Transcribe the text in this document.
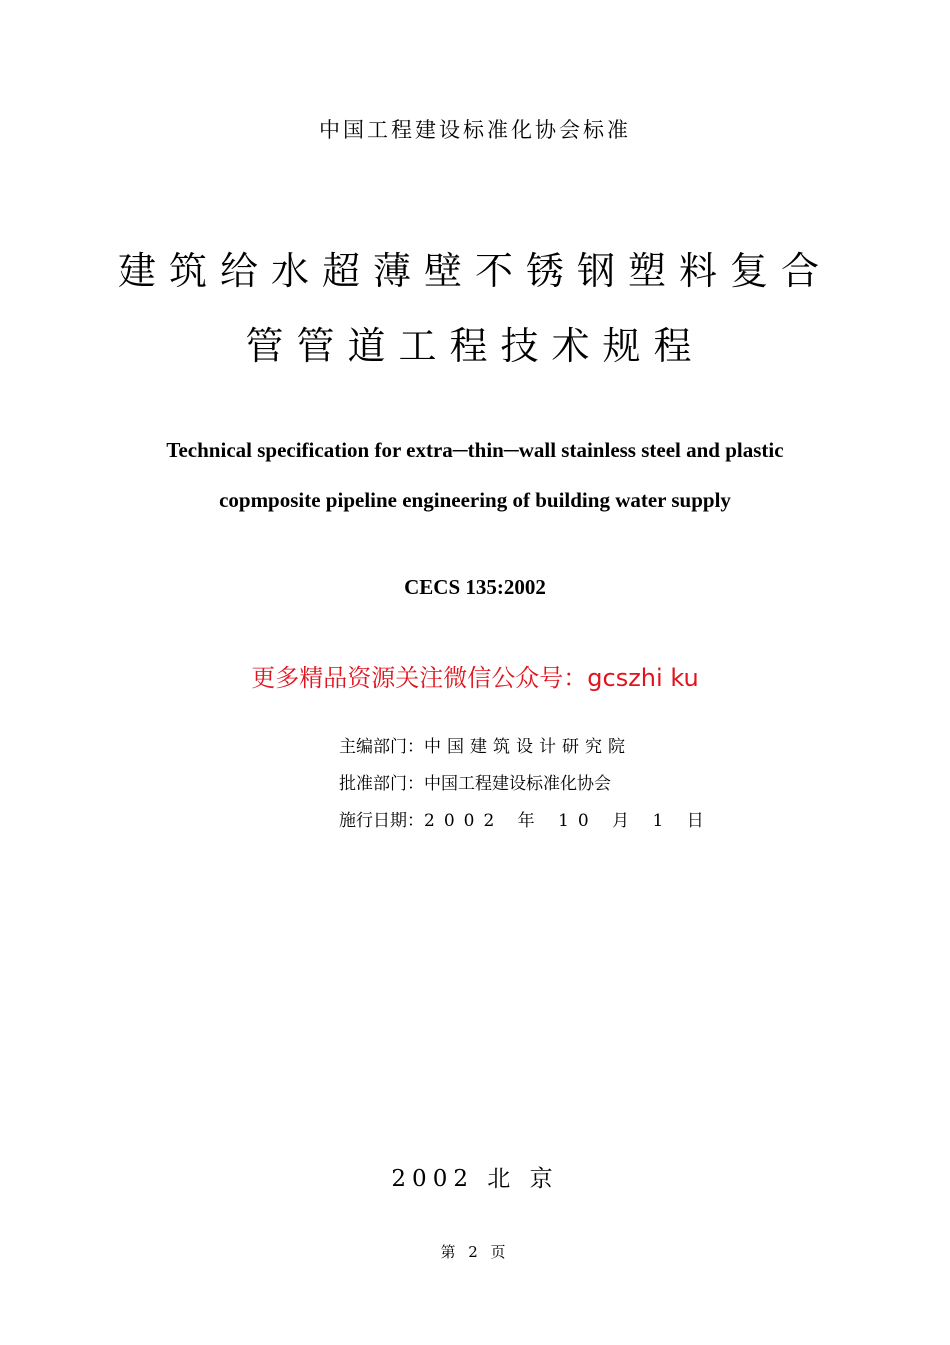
中国工程建设标准化协会标准
建筑给水超薄壁不锈钢塑料复合
管管道工程技术规程
Technical specification for extra─thin─wall stainless steel and plastic
copmposite pipeline engineering of building water supply
CECS 135:2002
更多精品资源关注微信公众号：gcszhi ku
主编部门：中国建筑设计研究院
批准部门：中国工程建设标准化协会
施行日期：2002 年 10 月 1 日
2002 北 京
第 2 页
